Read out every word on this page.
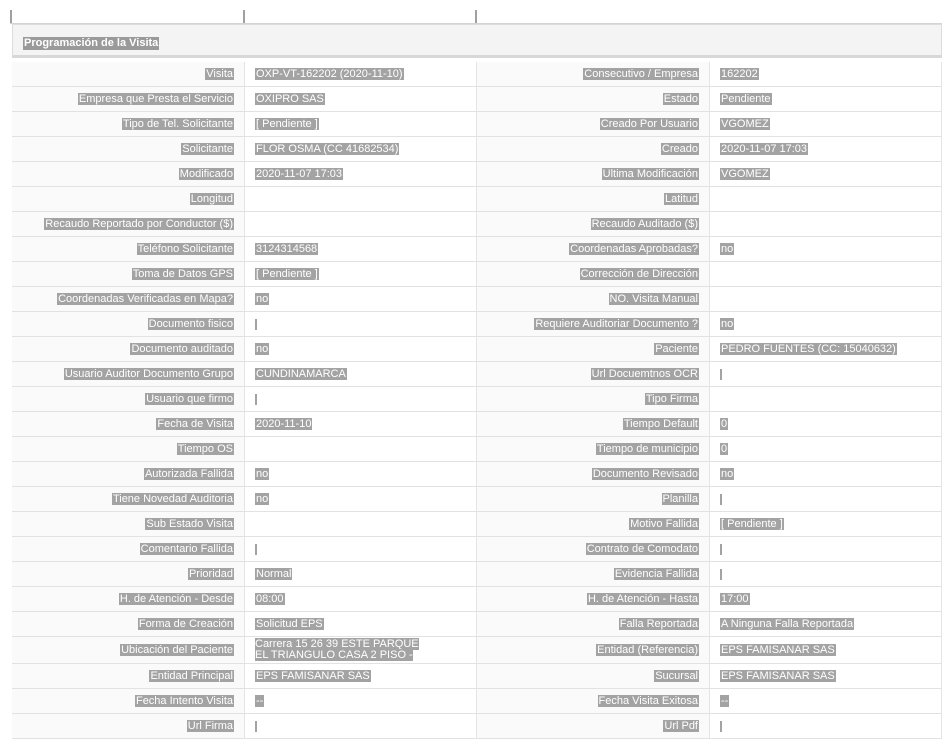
Programación de la Visita
Visita OXP-VT-162202 (2020-11-10)	Consecutivo / Empresa 162202
Empresa que Presta el Servicio OXIPRO SAS	Estado Pendiente
Tipo de Tel. Solicitante [ Pendiente ]	Creado Por Usuario VGOMEZ
Solicitante FLOR OSMA (CC 41682534)	Creado 2020-11-07 17:03
Modificado 2020-11-07 17:03	Ultima Modificación VGOMEZ
Longitud	Latitud
Recaudo Reportado por Conductor ($)	Recaudo Auditado ($)
Teléfono Solicitante 3124314568	Coordenadas Aprobadas? no
Toma de Datos GPS [ Pendiente ]	Corrección de Dirección
Coordenadas Verificadas en Mapa? no	NO. Visita Manual
Documento fisico	Requiere Auditoriar Documento ? no
Documento auditado no	Paciente PEDRO FUENTES (CC: 15040632)
Usuario Auditor Documento Grupo CUNDINAMARCA	Url Docuemtnos OCR
Usuario que firmo	Tipo Firma
Fecha de Visita 2020-11-10	Tiempo Default 0
Tiempo OS	Tiempo de municipio 0
Autorizada Fallida no	Documento Revisado no
Tiene Novedad Auditoria no	Planilla
Sub Estado Visita	Motivo Fallida [ Pendiente ]
Comentario Fallida	Contrato de Comodato
Prioridad Normal	Evidencia Fallida
H. de Atención - Desde 08:00	H. de Atención - Hasta 17:00
Forma de Creación Solicitud EPS	Falla Reportada A Ninguna Falla Reportada
Ubicación del Paciente Carrera 15 26 39 ESTE PARQUE EL TRIANGULO CASA 2 PISO -	Entidad (Referencia) EPS FAMISANAR SAS
Entidad Principal EPS FAMISANAR SAS	Sucursal EPS FAMISANAR SAS
Fecha Intento Visita --	Fecha Visita Exitosa --
Url Firma	Url Pdf
